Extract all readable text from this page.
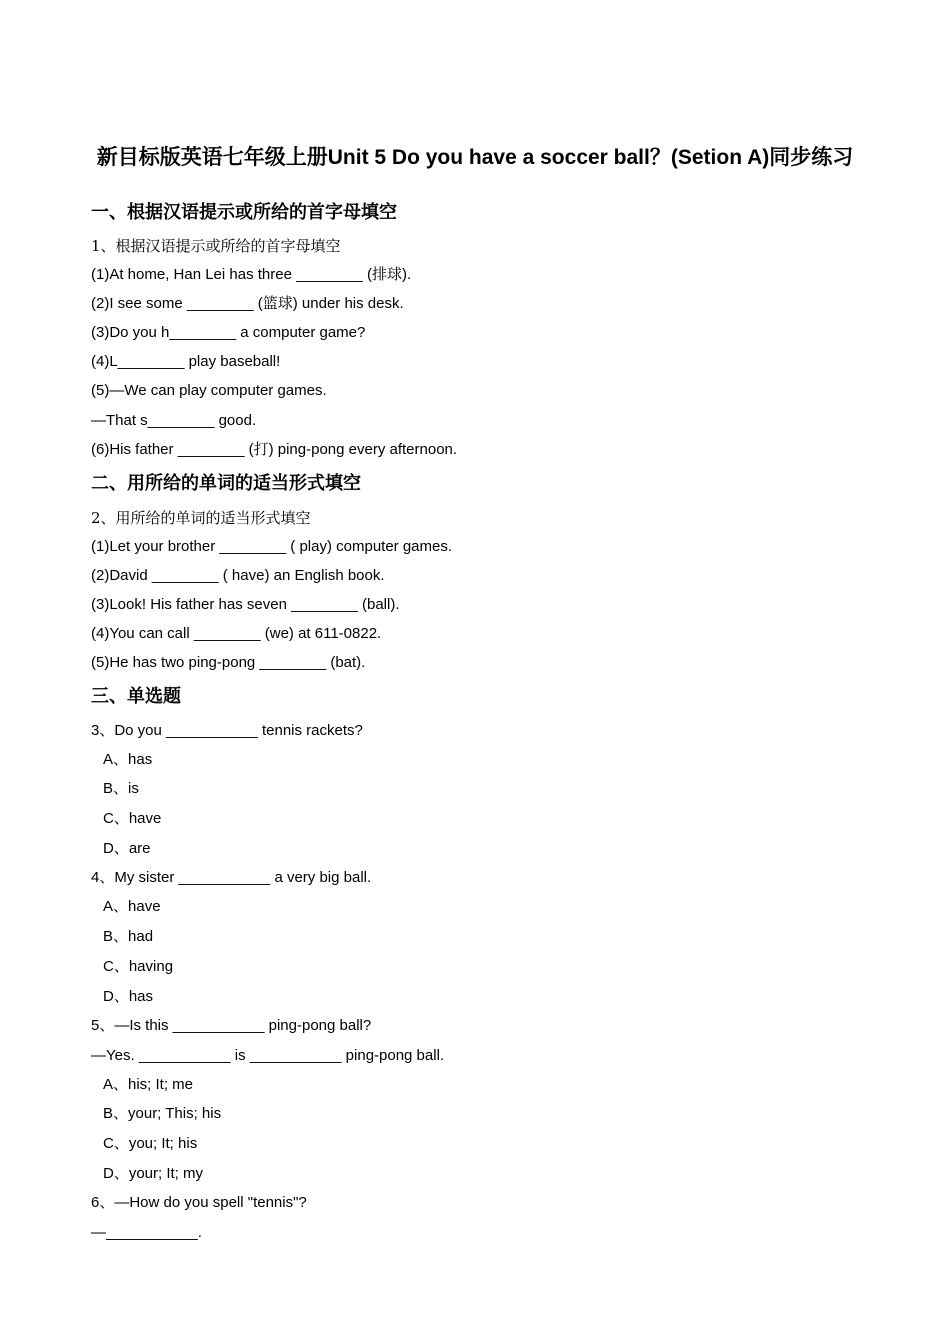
新目标版英语七年级上册Unit 5 Do you have a soccer ball？(Setion A)同步练习
一、根据汉语提示或所给的首字母填空
1、根据汉语提示或所给的首字母填空
(1)At home, Han Lei has three ________ (排球).
(2)I see some ________ (篮球) under his desk.
(3)Do you h________ a computer game?
(4)L________ play baseball!
(5)—We can play computer games.
—That s________ good.
(6)His father ________ (打) ping-pong every afternoon.
二、用所给的单词的适当形式填空
2、用所给的单词的适当形式填空
(1)Let your brother ________ ( play) computer games.
(2)David ________ ( have) an English book.
(3)Look! His father has seven ________ (ball).
(4)You can call ________ (we) at 611-0822.
(5)He has two ping-pong ________ (bat).
三、单选题
3、Do you ___________ tennis rackets?
A、has
B、is
C、have
D、are
4、My sister ___________ a very big ball.
A、have
B、had
C、having
D、has
5、—Is this ___________ ping-pong ball?
—Yes. ___________ is ___________ ping-pong ball.
A、his; It; me
B、your; This; his
C、you; It; his
D、your; It; my
6、—How do you spell "tennis"?
—___________.
